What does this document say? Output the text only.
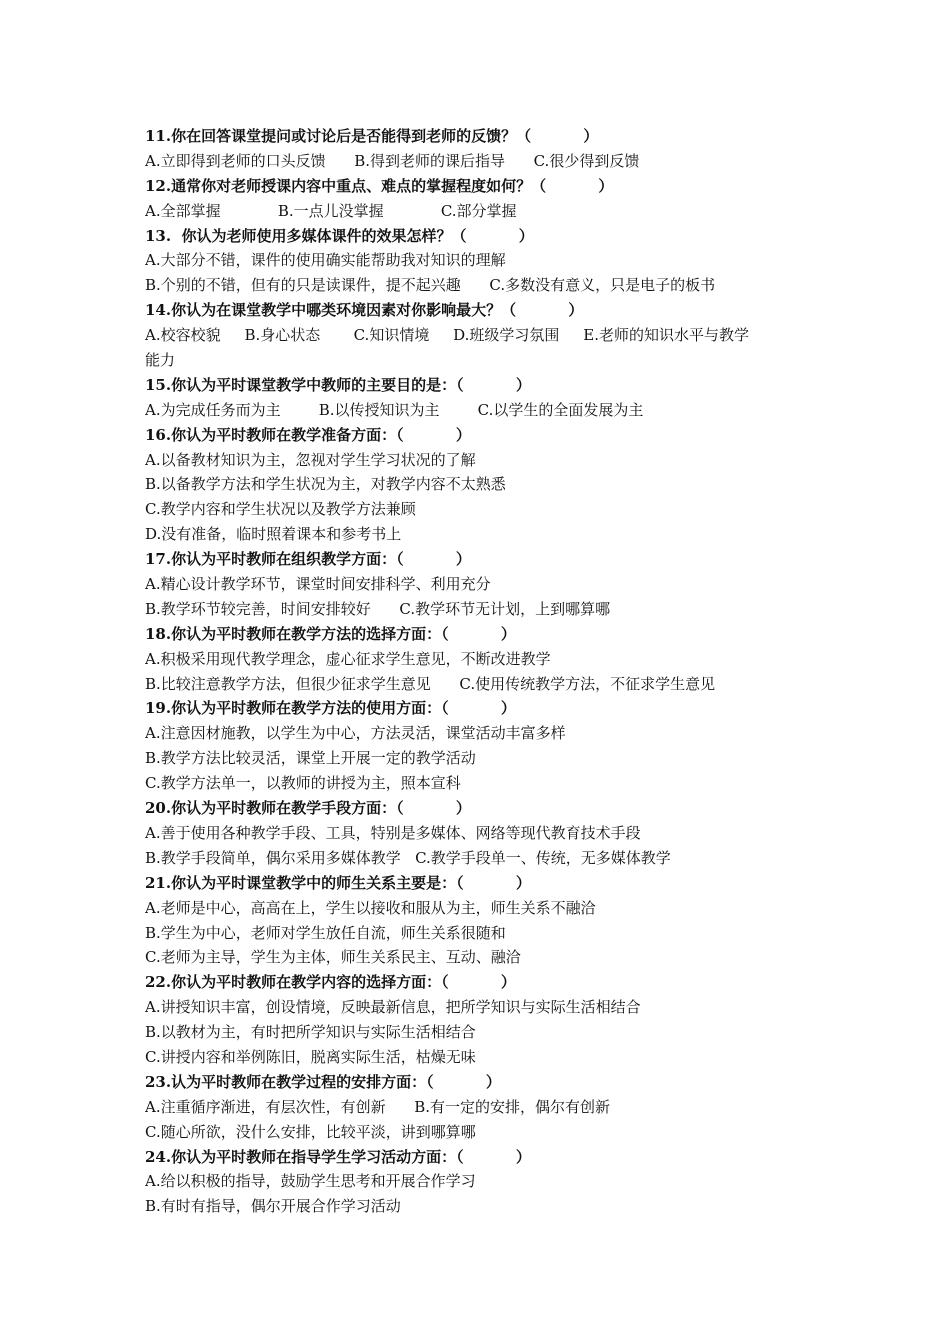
11.你在回答课堂提问或讨论后是否能得到老师的反馈？（          ）
A.立即得到老师的口头反馈      B.得到老师的课后指导      C.很少得到反馈
12.通常你对老师授课内容中重点、难点的掌握程度如何？（          ）
A.全部掌握            B.一点儿没掌握            C.部分掌握
13.  你认为老师使用多媒体课件的效果怎样？（          ）
A.大部分不错，课件的使用确实能帮助我对知识的理解
B.个别的不错，但有的只是读课件，提不起兴趣      C.多数没有意义，只是电子的板书
14.你认为在课堂教学中哪类环境因素对你影响最大？（          ）
A.校容校貌     B.身心状态       C.知识情境     D.班级学习氛围     E.老师的知识水平与教学
能力
15.你认为平时课堂教学中教师的主要目的是：（          ）
A.为完成任务而为主        B.以传授知识为主        C.以学生的全面发展为主
16.你认为平时教师在教学准备方面：（          ）
A.以备教材知识为主，忽视对学生学习状况的了解
B.以备教学方法和学生状况为主，对教学内容不太熟悉
C.教学内容和学生状况以及教学方法兼顾
D.没有准备，临时照着课本和参考书上
17.你认为平时教师在组织教学方面：（          ）
A.精心设计教学环节，课堂时间安排科学、利用充分
B.教学环节较完善，时间安排较好      C.教学环节无计划，上到哪算哪
18.你认为平时教师在教学方法的选择方面：（          ）
A.积极采用现代教学理念，虚心征求学生意见，不断改进教学
B.比较注意教学方法，但很少征求学生意见      C.使用传统教学方法，不征求学生意见
19.你认为平时教师在教学方法的使用方面：（          ）
A.注意因材施教，以学生为中心，方法灵活，课堂活动丰富多样
B.教学方法比较灵活，课堂上开展一定的教学活动
C.教学方法单一，以教师的讲授为主，照本宣科
20.你认为平时教师在教学手段方面：（          ）
A.善于使用各种教学手段、工具，特别是多媒体、网络等现代教育技术手段
B.教学手段简单，偶尔采用多媒体教学   C.教学手段单一、传统，无多媒体教学
21.你认为平时课堂教学中的师生关系主要是：（          ）
A.老师是中心，高高在上，学生以接收和服从为主，师生关系不融洽
B.学生为中心，老师对学生放任自流，师生关系很随和
C.老师为主导，学生为主体，师生关系民主、互动、融洽
22.你认为平时教师在教学内容的选择方面：（          ）
A.讲授知识丰富，创设情境，反映最新信息，把所学知识与实际生活相结合
B.以教材为主，有时把所学知识与实际生活相结合
C.讲授内容和举例陈旧，脱离实际生活，枯燥无味
23.认为平时教师在教学过程的安排方面：（          ）
A.注重循序渐进，有层次性，有创新      B.有一定的安排，偶尔有创新
C.随心所欲，没什么安排，比较平淡，讲到哪算哪
24.你认为平时教师在指导学生学习活动方面：（          ）
A.给以积极的指导，鼓励学生思考和开展合作学习
B.有时有指导，偶尔开展合作学习活动
